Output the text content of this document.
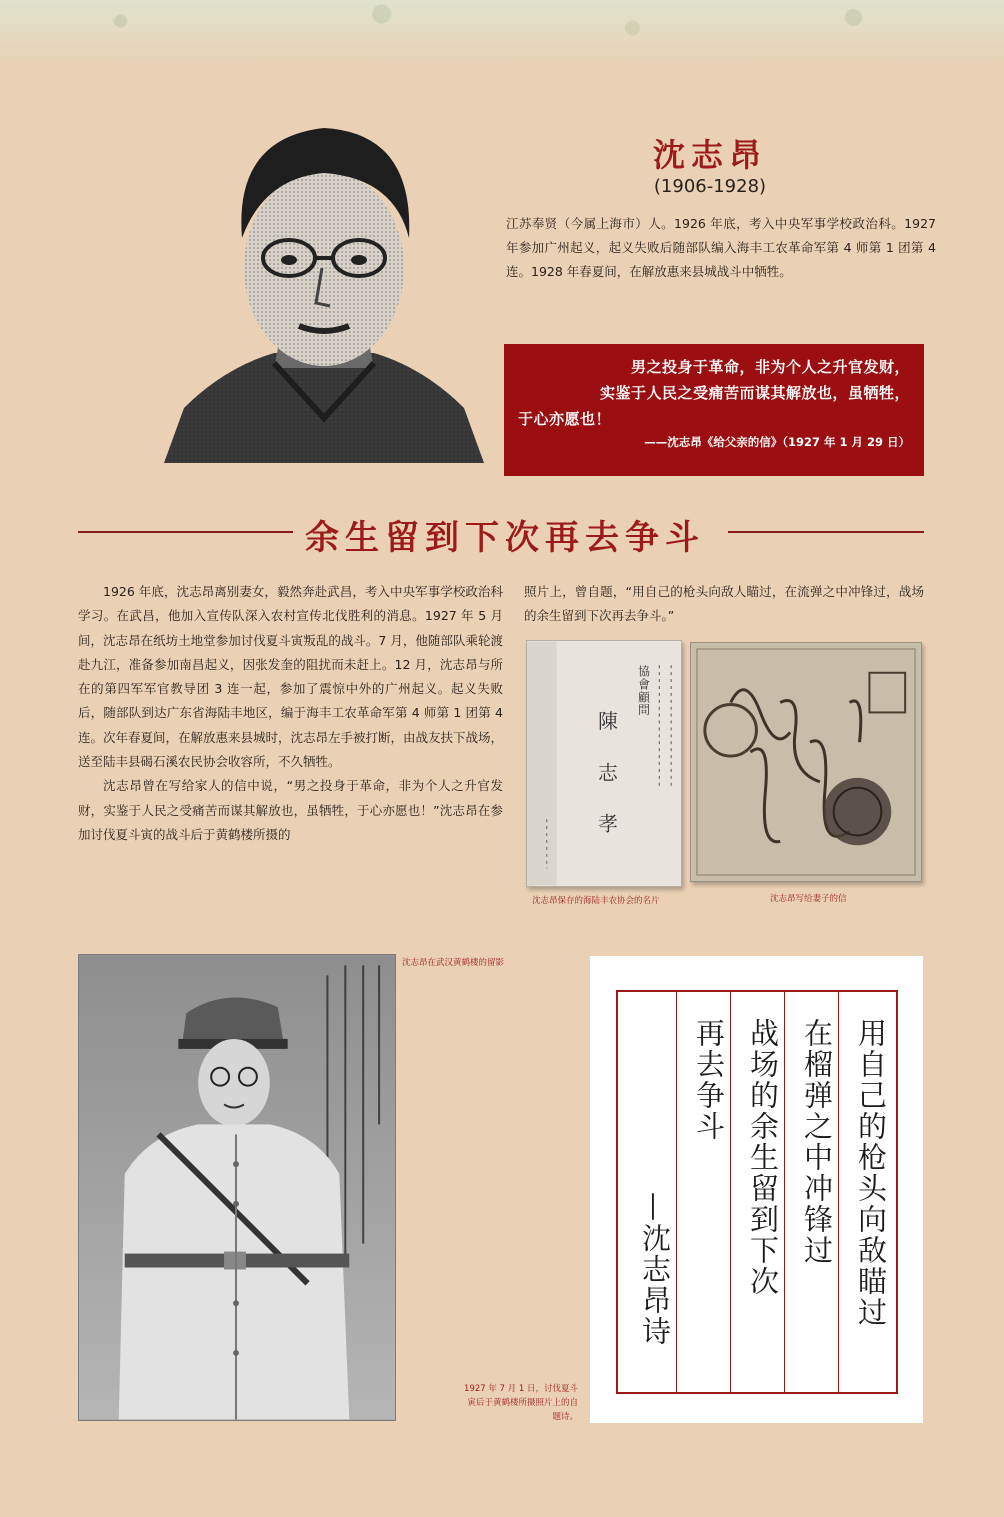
沈志昂
(1906-1928)
江苏奉贤（今属上海市）人。1926 年底，考入中央军事学校政治科。1927 年参加广州起义，起义失败后随部队编入海丰工农革命军第 4 师第 1 团第 4 连。1928 年春夏间，在解放惠来县城战斗中牺牲。
男之投身于革命，非为个人之升官发财，
实鉴于人民之受痛苦而谋其解放也，虽牺牲，
于心亦愿也！
——沈志昂《给父亲的信》（1927 年 1 月 29 日）
余生留到下次再去争斗

1926 年底，沈志昂离别妻女，毅然奔赴武昌，考入中央军事学校政治科学习。在武昌，他加入宣传队深入农村宣传北伐胜利的消息。1927 年 5 月间，沈志昂在纸坊土地堂参加讨伐夏斗寅叛乱的战斗。7 月，他随部队乘轮渡赴九江，准备参加南昌起义，因张发奎的阻扰而未赶上。12 月，沈志昂与所在的第四军军官教导团 3 连一起，参加了震惊中外的广州起义。起义失败后，随部队到达广东省海陆丰地区，编于海丰工农革命军第 4 师第 1 团第 4 连。次年春夏间，在解放惠来县城时，沈志昂左手被打断，由战友扶下战场，送至陆丰县碣石溪农民协会收容所，不久牺牲。

沈志昂曾在写给家人的信中说，“男之投身于革命，非为个人之升官发财，实鉴于人民之受痛苦而谋其解放也，虽牺牲，于心亦愿也！”沈志昂在参加讨伐夏斗寅的战斗后于黄鹤楼所摄的

照片上，曾自题，“用自己的枪头向敌人瞄过，在流弹之中冲锋过，战场的余生留到下次再去争斗。”
協會顧問
陳　志　孝
沈志昂保存的海陆丰农协会的名片	沈志昂写给妻子的信
沈志昂在武汉黄鹤楼的留影
1927 年 7 月 1 日，讨伐夏斗寅后于黄鹤楼所摄照片上的自题诗。
用自己的枪头向敌瞄过
在榴弹之中冲锋过
战场的余生留到下次
再去争斗
—沈志昂诗
